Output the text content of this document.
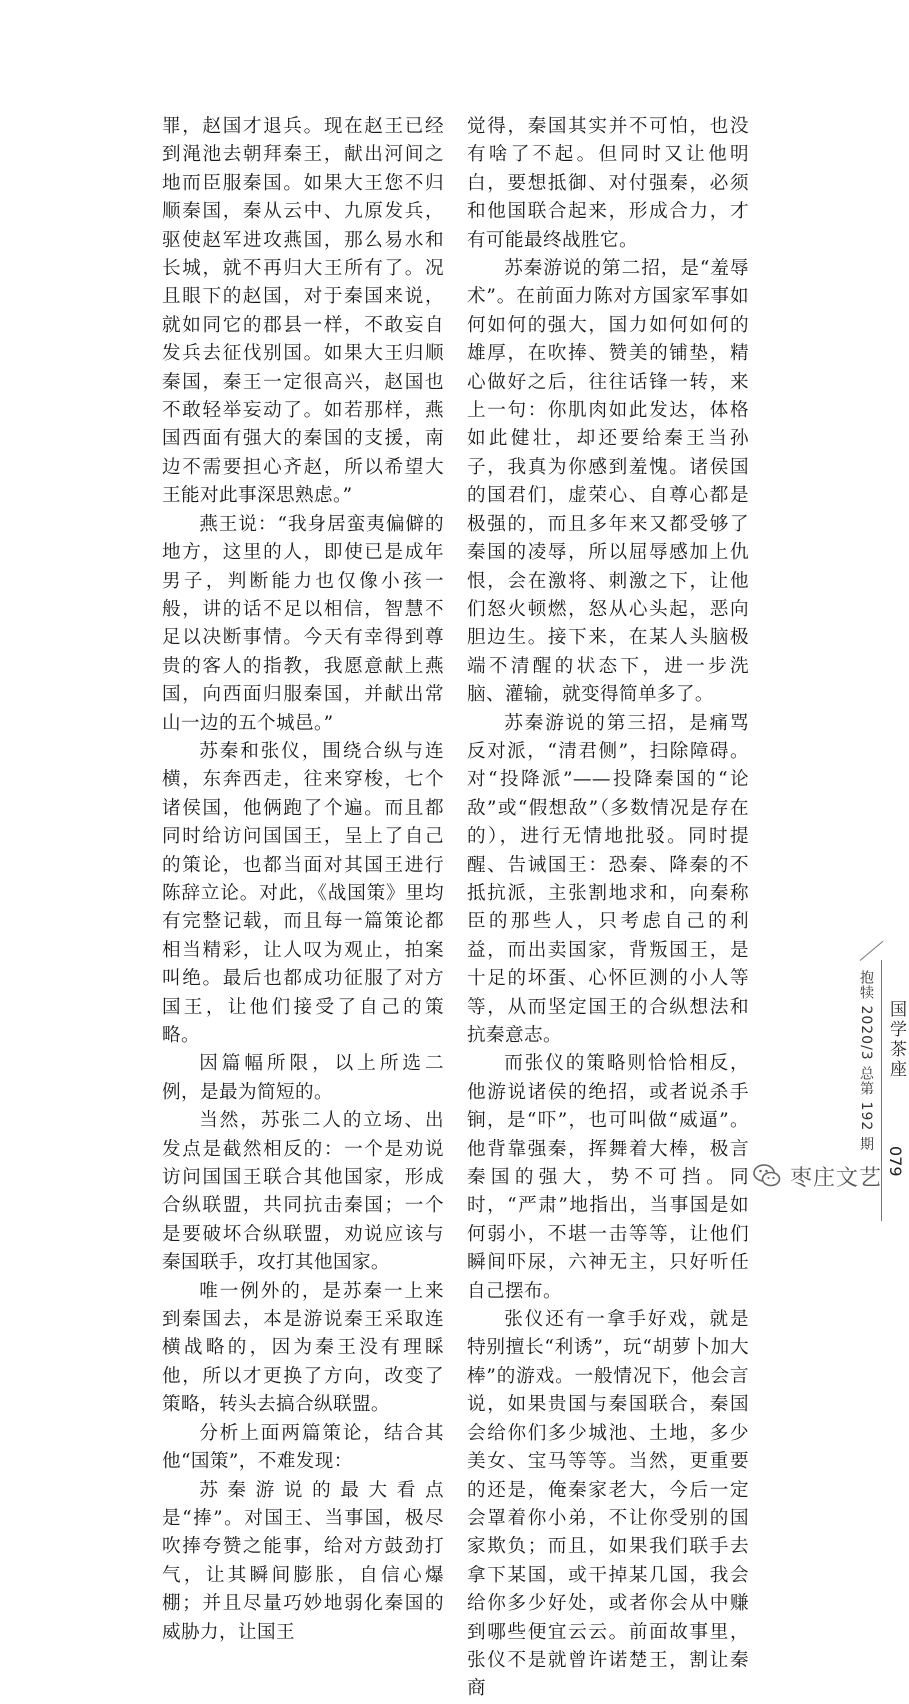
罪，赵国才退兵。现在赵王已经到渑池去朝拜秦王，献出河间之地而臣服秦国。如果大王您不归顺秦国，秦从云中、九原发兵，驱使赵军进攻燕国，那么易水和长城，就不再归大王所有了。况且眼下的赵国，对于秦国来说，就如同它的郡县一样，不敢妄自发兵去征伐别国。如果大王归顺秦国，秦王一定很高兴，赵国也不敢轻举妄动了。如若那样，燕国西面有强大的秦国的支援，南边不需要担心齐赵，所以希望大王能对此事深思熟虑。”

燕王说：“我身居蛮夷偏僻的地方，这里的人，即使已是成年男子，判断能力也仅像小孩一般，讲的话不足以相信，智慧不足以决断事情。今天有幸得到尊贵的客人的指教，我愿意献上燕国，向西面归服秦国，并献出常山一边的五个城邑。”

苏秦和张仪，围绕合纵与连横，东奔西走，往来穿梭，七个诸侯国，他俩跑了个遍。而且都同时给访问国国王，呈上了自己的策论，也都当面对其国王进行陈辞立论。对此，《战国策》里均有完整记载，而且每一篇策论都相当精彩，让人叹为观止，拍案叫绝。最后也都成功征服了对方国王，让他们接受了自己的策略。

因篇幅所限，以上所选二例，是最为简短的。

当然，苏张二人的立场、出发点是截然相反的：一个是劝说访问国国王联合其他国家，形成合纵联盟，共同抗击秦国；一个是要破坏合纵联盟，劝说应该与秦国联手，攻打其他国家。

唯一例外的，是苏秦一上来到秦国去，本是游说秦王采取连横战略的，因为秦王没有理睬他，所以才更换了方向，改变了策略，转头去搞合纵联盟。

分析上面两篇策论，结合其他“国策”，不难发现：

苏秦游说的最大看点是“捧”。对国王、当事国，极尽吹捧夸赞之能事，给对方鼓劲打气，让其瞬间膨胀，自信心爆棚；并且尽量巧妙地弱化秦国的威胁力，让国王

觉得，秦国其实并不可怕，也没有啥了不起。但同时又让他明白，要想抵御、对付强秦，必须和他国联合起来，形成合力，才有可能最终战胜它。

苏秦游说的第二招，是“羞辱术”。在前面力陈对方国家军事如何如何的强大，国力如何如何的雄厚，在吹捧、赞美的铺垫，精心做好之后，往往话锋一转，来上一句：你肌肉如此发达，体格如此健壮，却还要给秦王当孙子，我真为你感到羞愧。诸侯国的国君们，虚荣心、自尊心都是极强的，而且多年来又都受够了秦国的凌辱，所以屈辱感加上仇恨，会在激将、刺激之下，让他们怒火顿燃，怒从心头起，恶向胆边生。接下来，在某人头脑极端不清醒的状态下，进一步洗脑、灌输，就变得简单多了。

苏秦游说的第三招，是痛骂反对派，“清君侧”，扫除障碍。对“投降派”——投降秦国的“论敌”或“假想敌”（多数情况是存在的），进行无情地批驳。同时提醒、告诫国王：恐秦、降秦的不抵抗派，主张割地求和，向秦称臣的那些人，只考虑自己的利益，而出卖国家，背叛国王，是十足的坏蛋、心怀叵测的小人等等，从而坚定国王的合纵想法和抗秦意志。

而张仪的策略则恰恰相反，他游说诸侯的绝招，或者说杀手锏，是“吓”，也可叫做“威逼”。他背靠强秦，挥舞着大棒，极言秦国的强大，势不可挡。同时，“严肃”地指出，当事国是如何弱小，不堪一击等等，让他们瞬间吓尿，六神无主，只好听任自己摆布。

张仪还有一拿手好戏，就是特别擅长“利诱”，玩“胡萝卜加大棒”的游戏。一般情况下，他会言说，如果贵国与秦国联合，秦国会给你们多少城池、土地，多少美女、宝马等等。当然，更重要的还是，俺秦家老大，今后一定会罩着你小弟，不让你受别的国家欺负；而且，如果我们联手去拿下某国，或干掉某几国，我会给你多少好处，或者你会从中赚到哪些便宜云云。前面故事里，张仪不是就曾许诺楚王，割让秦商

抱犊 2020/3 总第 192 期 国学茶座
079
枣庄文艺
